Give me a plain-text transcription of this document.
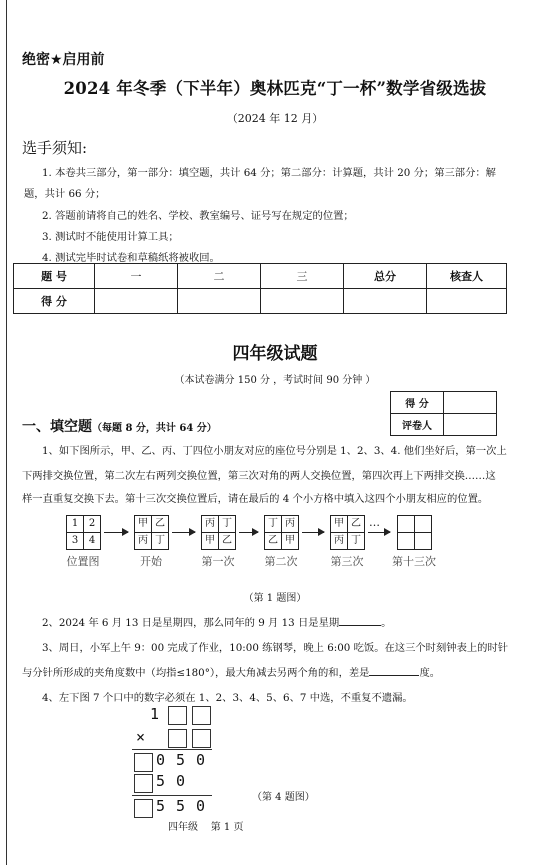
绝密★启用前
2024 年冬季（下半年）奥林匹克“丁一杯”数学省级选拔
（2024 年 12 月）
选手须知:
1. 本卷共三部分，第一部分：填空题，共计 64 分；第二部分：计算题，共计 20 分；第三部分：解
题，共计 66 分；
2. 答题前请将自己的姓名、学校、教室编号、证号写在规定的位置；
3. 测试时不能使用计算工具；
4. 测试完毕时试卷和草稿纸将被收回。
题 号	一	二	三	总分	核查人
得 分					
四年级试题
（本试卷满分 150 分 ，考试时间 90 分钟 ）
得 分	
评卷人	
一、填空题（每题 8 分，共计 64 分）
1、如下图所示，甲、乙、丙、丁四位小朋友对应的座位号分别是 1、2、3、4. 他们坐好后，第一次上
下两排交换位置，第二次左右两列交换位置，第三次对角的两人交换位置，第四次再上下两排交换……这
样一直重复交换下去。第十三次交换位置后，请在最后的 4 个小方格中填入这四个小朋友相应的位置。
1	2
3	4
位置图
甲 乙
丙 丁
开始
丙 丁
甲 乙
第一次
丁 丙
乙 甲
第二次
甲 乙
丙 丁
第三次	第十三次
…
（第 1 题图）
2、2024 年 6 月 13 日是星期四，那么同年的 9 月 13 日是星期	。
3、周日，小军上午 9：00 完成了作业，10:00 练钢琴，晚上 6:00 吃饭。在这三个时刻钟表上的时针
与分针所形成的夹角度数中（均指≤180°），最大角减去另两个角的和，差是	度。
4、左下图 7 个口中的数字必须在 1、2、3、4、5、6、7 中选，不重复不遗漏。
1
×
0 5 0
5 0
5 5 0	（第 4 题图）
四年级 第 1 页
